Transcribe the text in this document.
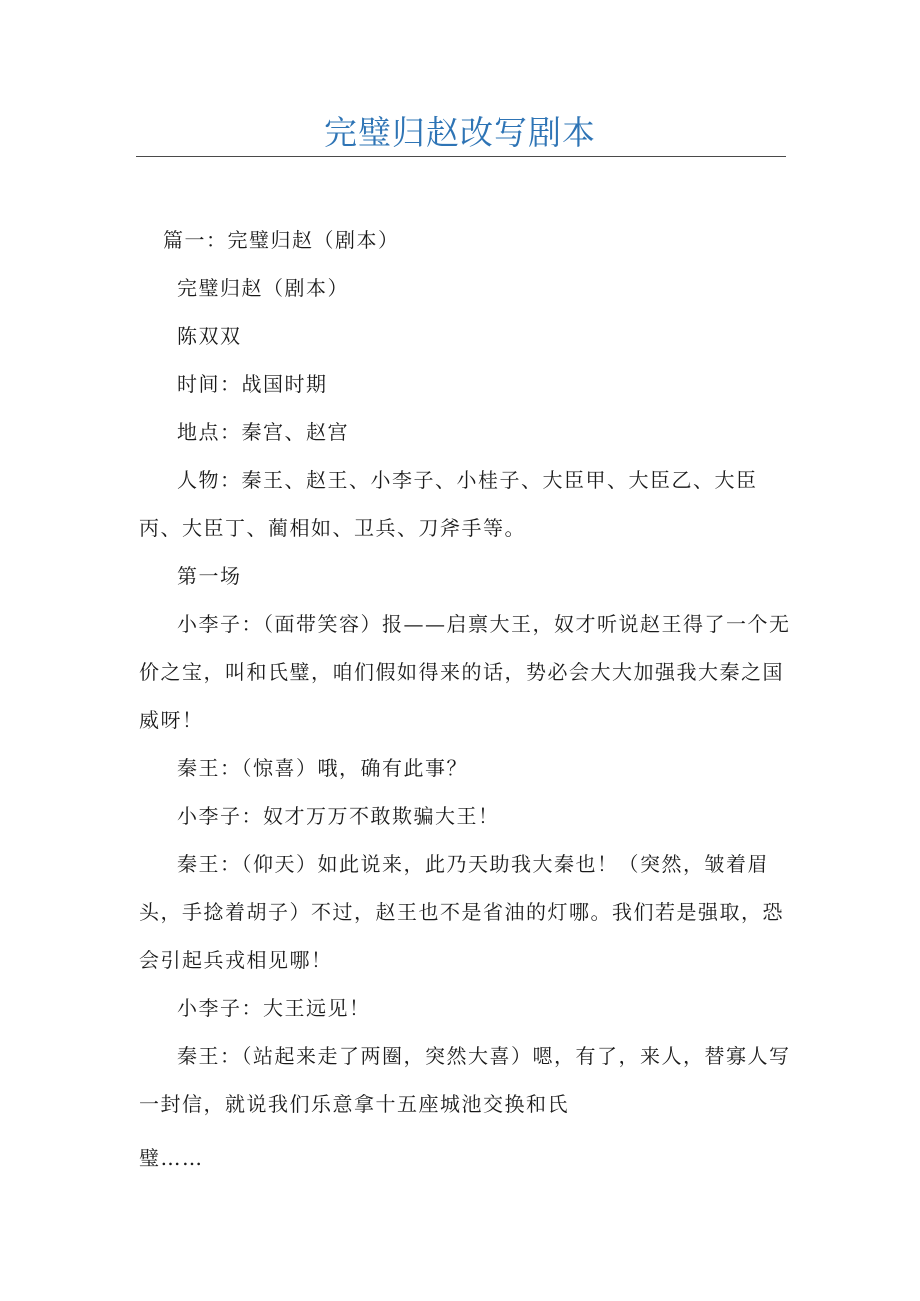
完璧归赵改写剧本
篇一：完璧归赵（剧本）
完璧归赵（剧本）
陈双双
时间：战国时期
地点：秦宫、赵宫
人物：秦王、赵王、小李子、小桂子、大臣甲、大臣乙、大臣丙、大臣丁、蔺相如、卫兵、刀斧手等。
第一场
小李子：（面带笑容）报——启禀大王，奴才听说赵王得了一个无价之宝，叫和氏璧，咱们假如得来的话，势必会大大加强我大秦之国威呀！
秦王：（惊喜）哦，确有此事？
小李子：奴才万万不敢欺骗大王！
秦王：（仰天）如此说来，此乃天助我大秦也！（突然，皱着眉头，手捻着胡子）不过，赵王也不是省油的灯哪。我们若是强取，恐会引起兵戎相见哪！
小李子：大王远见！
秦王：（站起来走了两圈，突然大喜）嗯，有了，来人，替寡人写一封信，就说我们乐意拿十五座城池交换和氏
璧……
